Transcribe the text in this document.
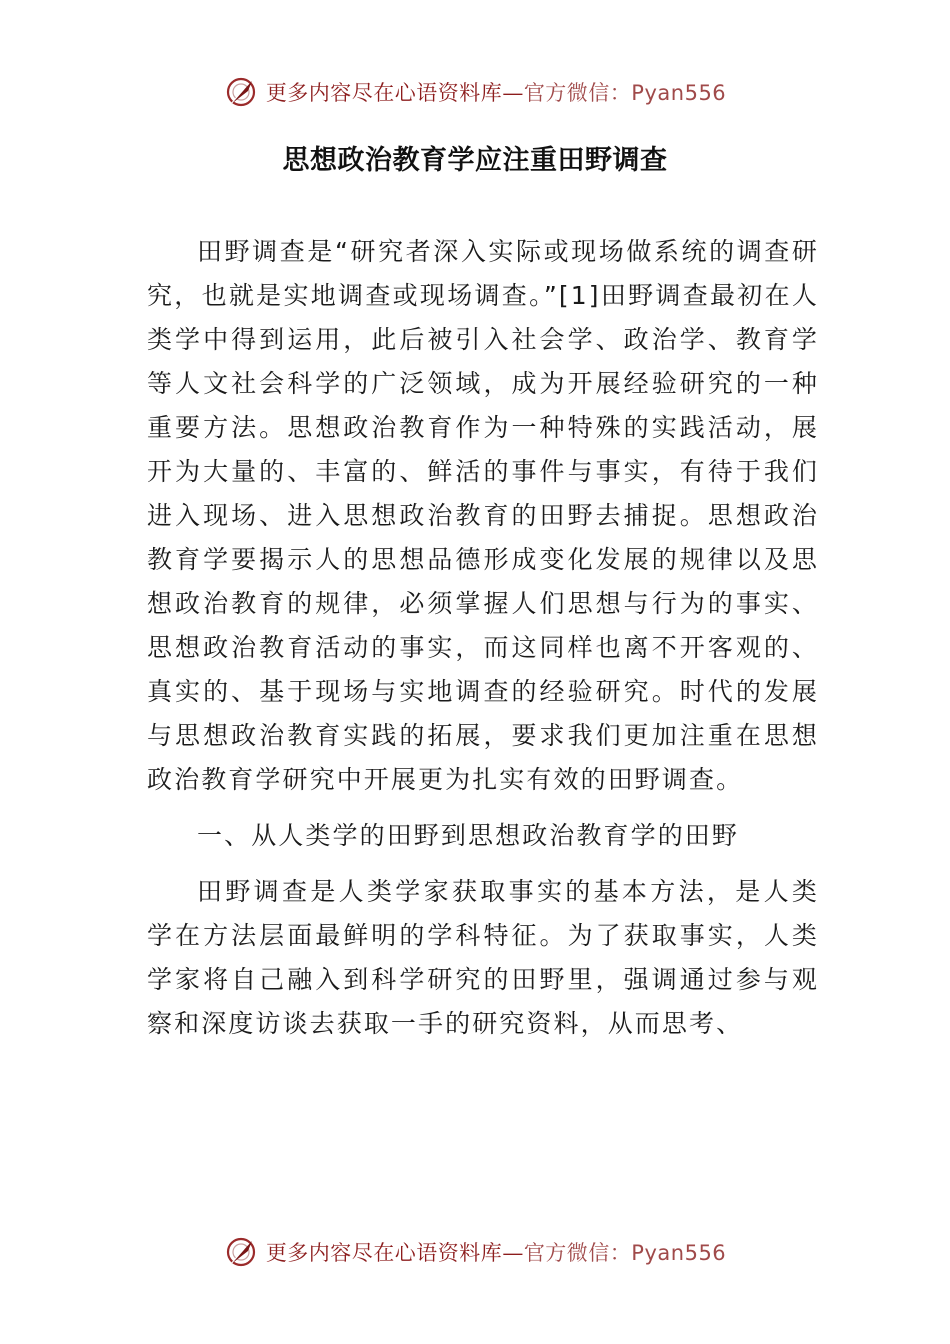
更多内容尽在心语资料库—官方微信：Pyan556
思想政治教育学应注重田野调查

田野调查是“研究者深入实际或现场做系统的调查研究，也就是实地调查或现场调查。”[1]田野调查最初在人类学中得到运用，此后被引入社会学、政治学、教育学等人文社会科学的广泛领域，成为开展经验研究的一种重要方法。思想政治教育作为一种特殊的实践活动，展开为大量的、丰富的、鲜活的事件与事实，有待于我们进入现场、进入思想政治教育的田野去捕捉。思想政治教育学要揭示人的思想品德形成变化发展的规律以及思想政治教育的规律，必须掌握人们思想与行为的事实、思想政治教育活动的事实，而这同样也离不开客观的、真实的、基于现场与实地调查的经验研究。时代的发展与思想政治教育实践的拓展，要求我们更加注重在思想政治教育学研究中开展更为扎实有效的田野调查。

一、从人类学的田野到思想政治教育学的田野

田野调查是人类学家获取事实的基本方法，是人类学在方法层面最鲜明的学科特征。为了获取事实，人类学家将自己融入到科学研究的田野里，强调通过参与观察和深度访谈去获取一手的研究资料，从而思考、

更多内容尽在心语资料库—官方微信：Pyan556
